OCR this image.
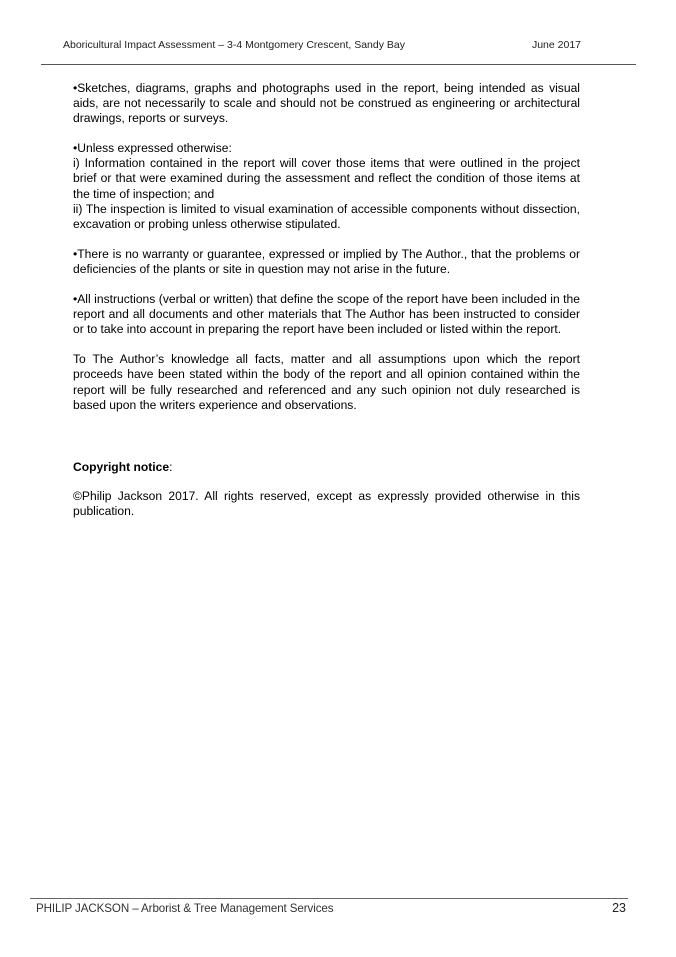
Aboricultural Impact Assessment – 3-4 Montgomery Crescent, Sandy Bay	June 2017

•Sketches, diagrams, graphs and photographs used in the report, being intended as visual aids, are not necessarily to scale and should not be construed as engineering or architectural drawings, reports or surveys.

•Unless expressed otherwise:

i) Information contained in the report will cover those items that were outlined in the project brief or that were examined during the assessment and reflect the condition of those items at the time of inspection; and

ii) The inspection is limited to visual examination of accessible components without dissection, excavation or probing unless otherwise stipulated.

•There is no warranty or guarantee, expressed or implied by The Author., that the problems or deficiencies of the plants or site in question may not arise in the future.

•All instructions (verbal or written) that define the scope of the report have been included in the report and all documents and other materials that The Author has been instructed to consider or to take into account in preparing the report have been included or listed within the report.

To The Author’s knowledge all facts, matter and all assumptions upon which the report proceeds have been stated within the body of the report and all opinion contained within the report will be fully researched and referenced and any such opinion not duly researched is based upon the writers experience and observations.

Copyright notice:

©Philip Jackson 2017. All rights reserved, except as expressly provided otherwise in this publication.

PHILIP JACKSON – Arborist & Tree Management Services	23
